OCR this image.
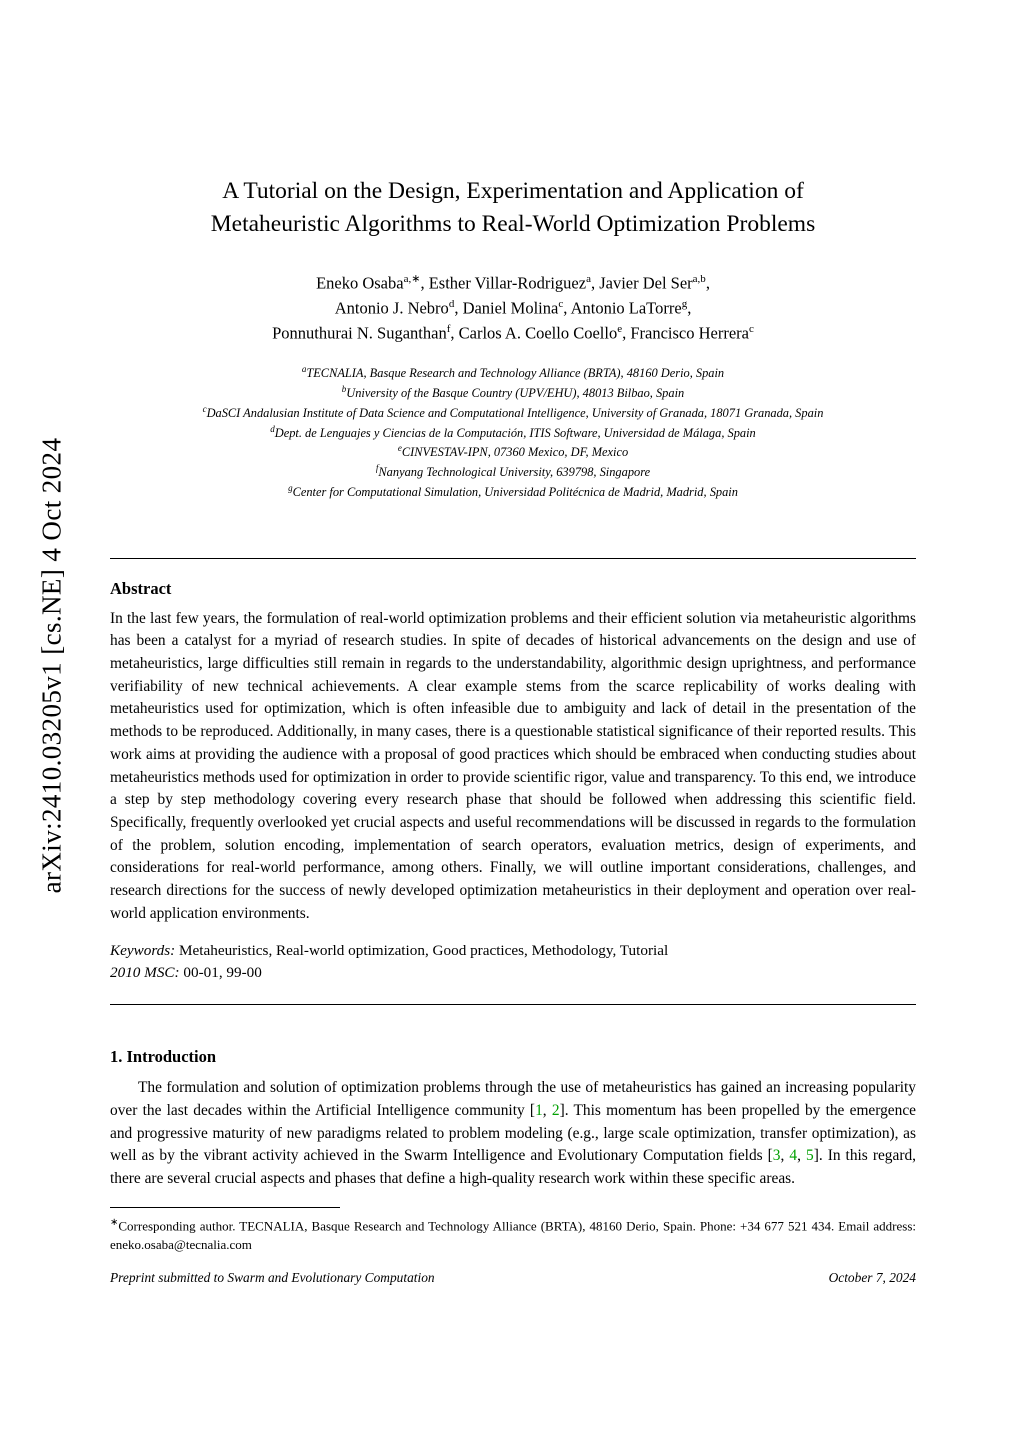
arXiv:2410.03205v1 [cs.NE] 4 Oct 2024
A Tutorial on the Design, Experimentation and Application of
Metaheuristic Algorithms to Real-World Optimization Problems
Eneko Osaba$^{a,∗}$, Esther Villar-Rodriguez$^a$, Javier Del Ser$^{a,b}$,
Antonio J. Nebro$^d$, Daniel Molina$^c$, Antonio LaTorre$^g$,
Ponnuthurai N. Suganthan$^f$, Carlos A. Coello Coello$^e$, Francisco Herrera$^c$
$^a$TECNALIA, Basque Research and Technology Alliance (BRTA), 48160 Derio, Spain
$^b$University of the Basque Country (UPV/EHU), 48013 Bilbao, Spain
$^c$DaSCI Andalusian Institute of Data Science and Computational Intelligence, University of Granada, 18071 Granada, Spain
$^d$Dept. de Lenguajes y Ciencias de la Computación, ITIS Software, Universidad de Málaga, Spain
$^e$CINVESTAV-IPN, 07360 Mexico, DF, Mexico
$^f$Nanyang Technological University, 639798, Singapore
$^g$Center for Computational Simulation, Universidad Politécnica de Madrid, Madrid, Spain
Abstract
In the last few years, the formulation of real-world optimization problems and their efficient solution via metaheuristic algorithms has been a catalyst for a myriad of research studies. In spite of decades of historical advancements on the design and use of metaheuristics, large difficulties still remain in regards to the understandability, algorithmic design uprightness, and performance verifiability of new technical achievements. A clear example stems from the scarce replicability of works dealing with metaheuristics used for optimization, which is often infeasible due to ambiguity and lack of detail in the presentation of the methods to be reproduced. Additionally, in many cases, there is a questionable statistical significance of their reported results. This work aims at providing the audience with a proposal of good practices which should be embraced when conducting studies about metaheuristics methods used for optimization in order to provide scientific rigor, value and transparency. To this end, we introduce a step by step methodology covering every research phase that should be followed when addressing this scientific field. Specifically, frequently overlooked yet crucial aspects and useful recommendations will be discussed in regards to the formulation of the problem, solution encoding, implementation of search operators, evaluation metrics, design of experiments, and considerations for real-world performance, among others. Finally, we will outline important considerations, challenges, and research directions for the success of newly developed optimization metaheuristics in their deployment and operation over real-world application environments.
Keywords: Metaheuristics, Real-world optimization, Good practices, Methodology, Tutorial
2010 MSC: 00-01, 99-00
1. Introduction
The formulation and solution of optimization problems through the use of metaheuristics has gained an increasing popularity over the last decades within the Artificial Intelligence community [1, 2]. This momentum has been propelled by the emergence and progressive maturity of new paradigms related to problem modeling (e.g., large scale optimization, transfer optimization), as well as by the vibrant activity achieved in the Swarm Intelligence and Evolutionary Computation fields [3, 4, 5]. In this regard, there are several crucial aspects and phases that define a high-quality research work within these specific areas.
∗Corresponding author. TECNALIA, Basque Research and Technology Alliance (BRTA), 48160 Derio, Spain. Phone: +34 677 521 434. Email address: eneko.osaba@tecnalia.com
Preprint submitted to Swarm and Evolutionary Computation	October 7, 2024
